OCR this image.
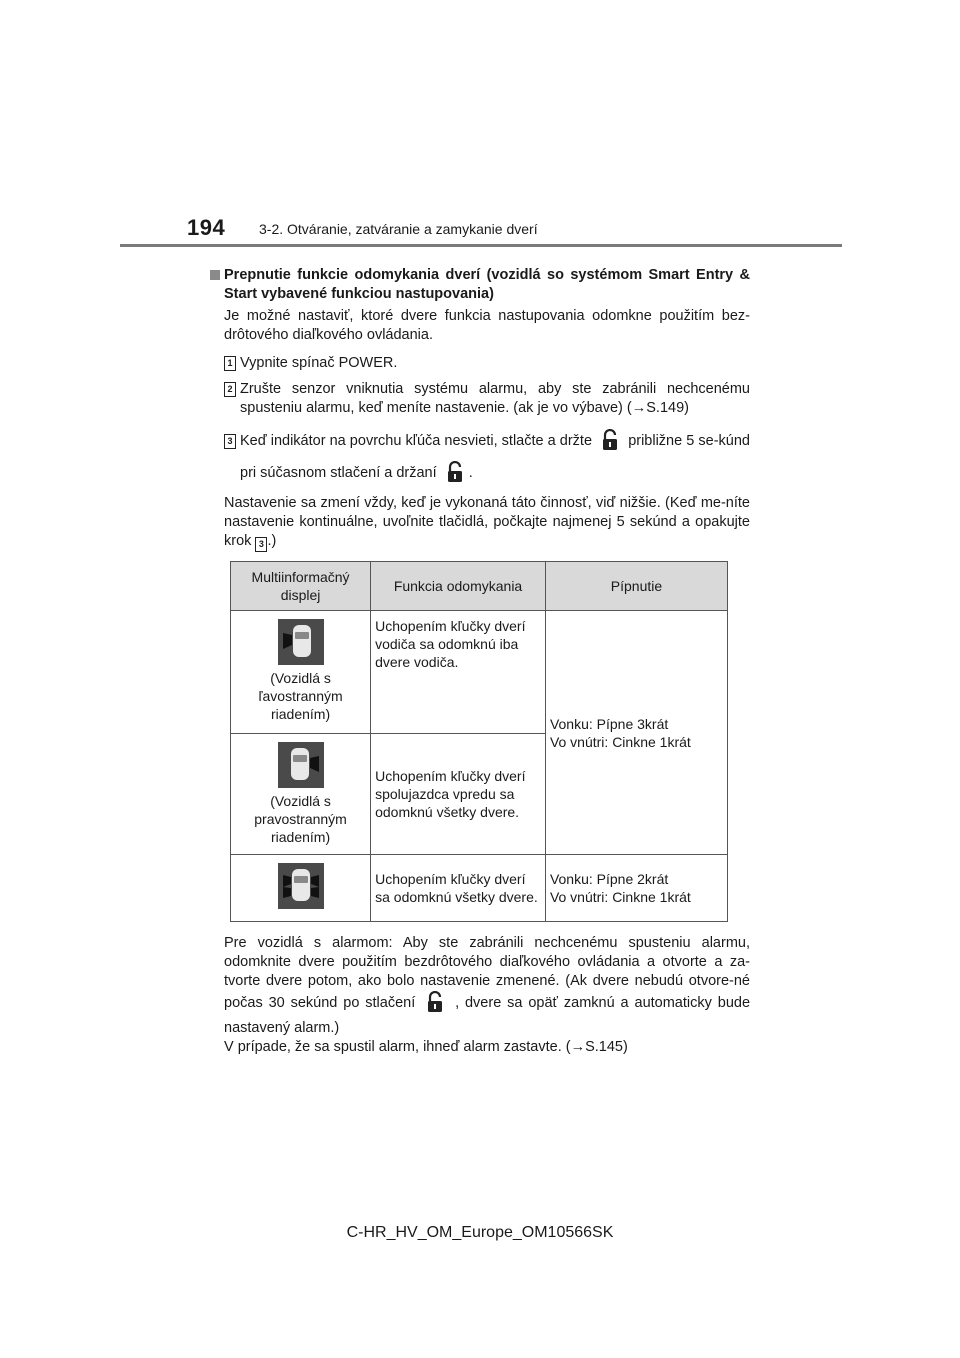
194 3-2. Otváranie, zatváranie a zamykanie dverí
Prepnutie funkcie odomykania dverí (vozidlá so systémom Smart Entry & Start vybavené funkciou nastupovania)
Je možné nastaviť, ktoré dvere funkcia nastupovania odomkne použitím bez-drôtového diaľkového ovládania.
1 Vypnite spínač POWER.
2 Zrušte senzor vniknutia systému alarmu, aby ste zabránili nechcenému spusteniu alarmu, keď meníte nastavenie. (ak je vo výbave) (→S.149)
3 Keď indikátor na povrchu kľúča nesvieti, stlačte a držte približne 5 se-kúnd pri súčasnom stlačení a držaní .
Nastavenie sa zmení vždy, keď je vykonaná táto činnosť, viď nižšie. (Keď me-níte nastavenie kontinuálne, uvoľnite tlačidlá, počkajte najmenej 5 sekúnd a opakujte krok 3 .)
Multiinformačný displej	Funkcia odomykania	Pípnutie

(Vozidlá s ľavostranným riadením)	Uchopením kľučky dverí vodiča sa odomknú iba dvere vodiča.	Vonku: Pípne 3krát
Vo vnútri: Cinkne 1krát

(Vozidlá s pravostranným riadením)	Uchopením kľučky dverí spolujazdca vpredu sa odomknú všetky dvere.	

	Uchopením kľučky dverí sa odomknú všetky dvere.	Vonku: Pípne 2krát
Vo vnútri: Cinkne 1krát
Pre vozidlá s alarmom: Aby ste zabránili nechcenému spusteniu alarmu, odomknite dvere použitím bezdrôtového diaľkového ovládania a otvorte a za-tvorte dvere potom, ako bolo nastavenie zmenené. (Ak dvere nebudú otvore-né počas 30 sekúnd po stlačení	, dvere sa opäť zamknú a automaticky bude nastavený alarm.)
V prípade, že sa spustil alarm, ihneď alarm zastavte. (→S.145)
C-HR_HV_OM_Europe_OM10566SK
